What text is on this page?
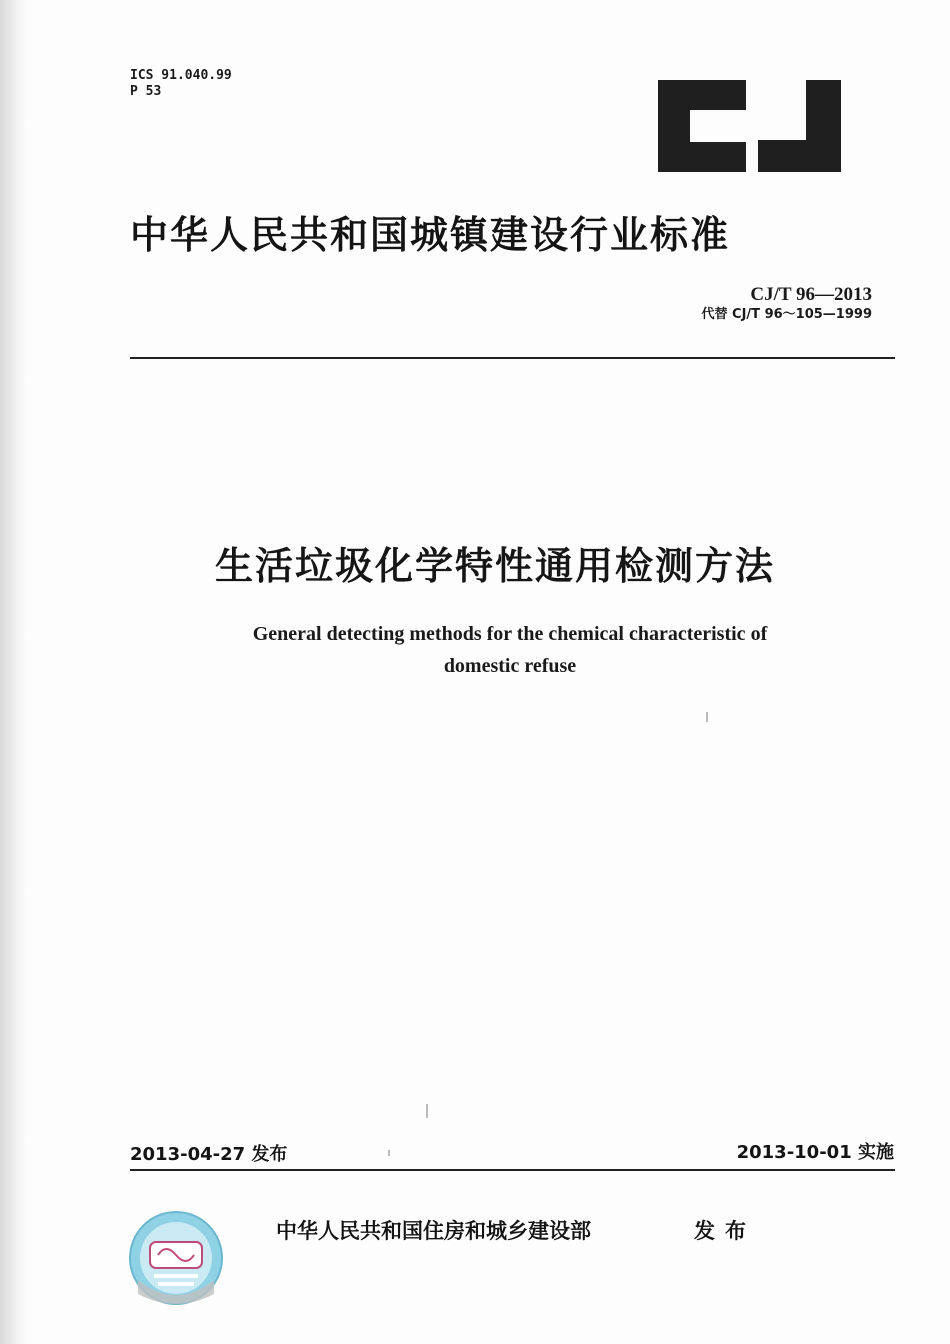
ICS 91.040.99
P 53
中华人民共和国城镇建设行业标准
CJ/T 96—2013
代替 CJ/T 96～105—1999
生活垃圾化学特性通用检测方法
General detecting methods for the chemical characteristic of
domestic refuse
2013-04-27 发布	2013-10-01 实施
中华人民共和国住房和城乡建设部	发布
